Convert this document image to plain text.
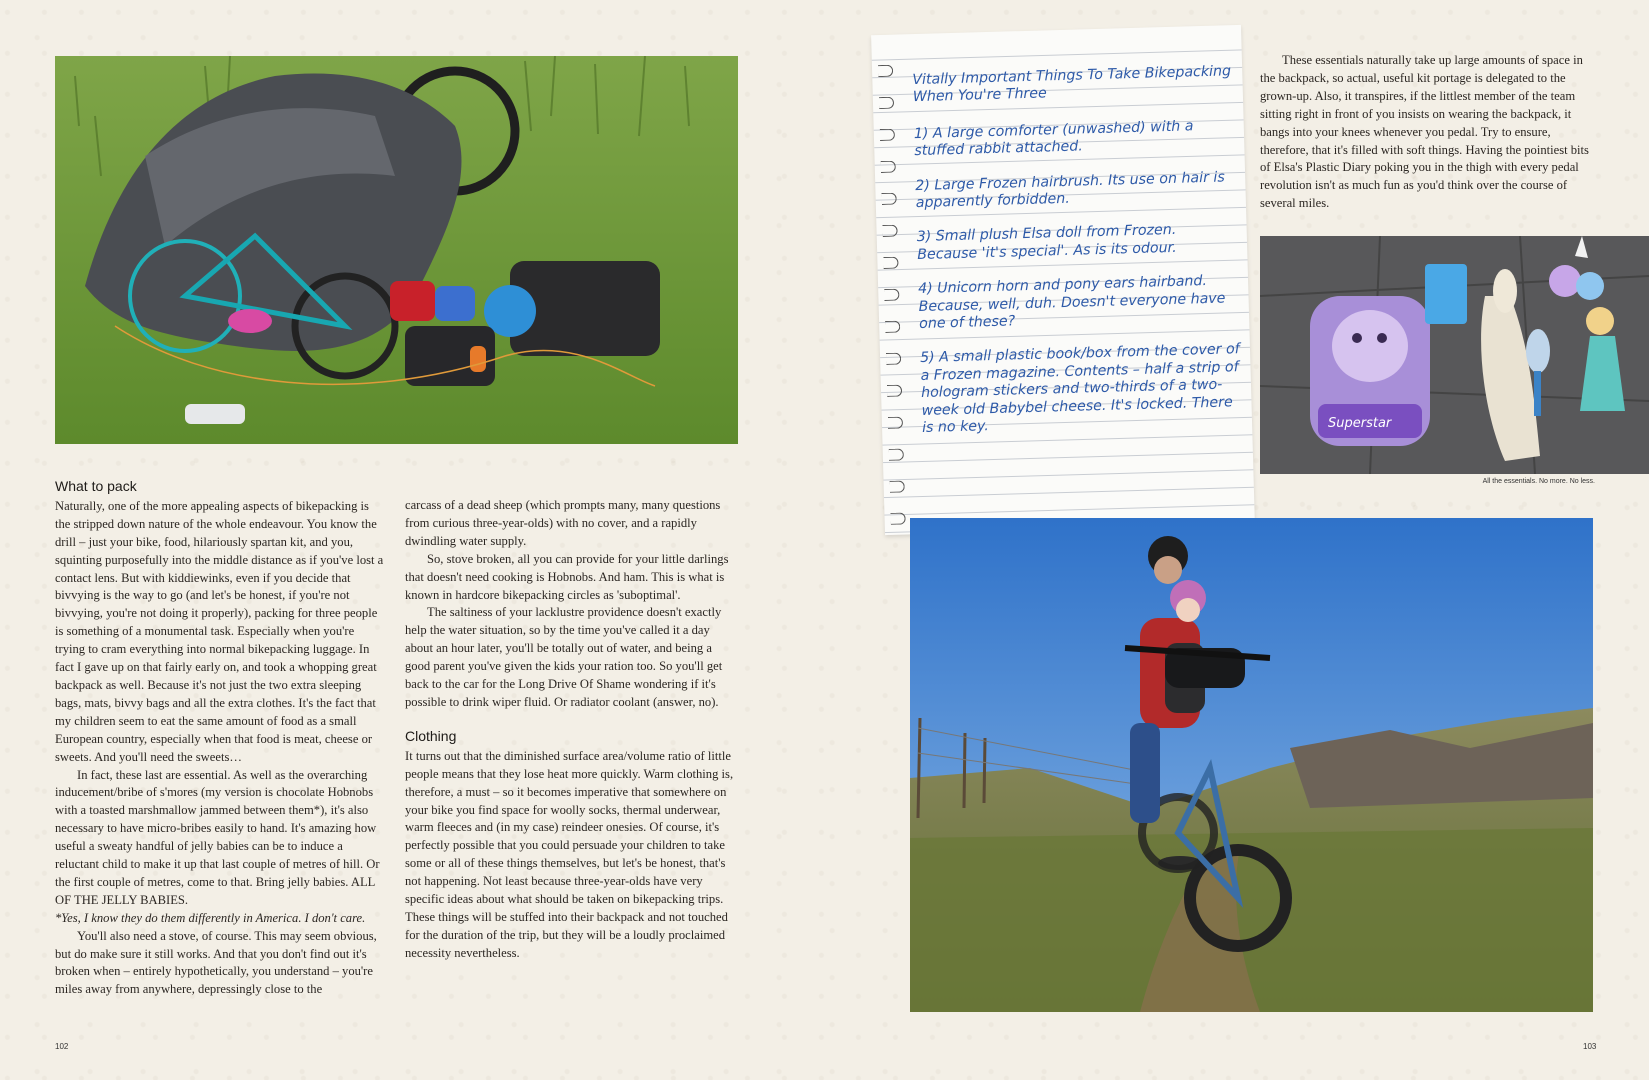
What to pack

Naturally, one of the more appealing aspects of bikepacking is the stripped down nature of the whole endeavour. You know the drill – just your bike, food, hilariously spartan kit, and you, squinting purposefully into the middle distance as if you've lost a contact lens. But with kiddiewinks, even if you decide that bivvying is the way to go (and let's be honest, if you're not bivvying, you're not doing it properly), packing for three people is something of a monumental task. Especially when you're trying to cram everything into normal bikepacking luggage. In fact I gave up on that fairly early on, and took a whopping great backpack as well. Because it's not just the two extra sleeping bags, mats, bivvy bags and all the extra clothes. It's the fact that my children seem to eat the same amount of food as a small European country, especially when that food is meat, cheese or sweets. And you'll need the sweets…

In fact, these last are essential. As well as the overarching inducement/bribe of s'mores (my version is chocolate Hobnobs with a toasted marshmallow jammed between them*), it's also necessary to have micro-bribes easily to hand. It's amazing how useful a sweaty handful of jelly babies can be to induce a reluctant child to make it up that last couple of metres of hill. Or the first couple of metres, come to that. Bring jelly babies. ALL OF THE JELLY BABIES.

*Yes, I know they do them differently in America. I don't care.

You'll also need a stove, of course. This may seem obvious, but do make sure it still works. And that you don't find out it's broken when – entirely hypothetically, you understand – you're miles away from anywhere, depressingly close to the

carcass of a dead sheep (which prompts many, many questions from curious three-year-olds) with no cover, and a rapidly dwindling water supply.

So, stove broken, all you can provide for your little darlings that doesn't need cooking is Hobnobs. And ham. This is what is known in hardcore bikepacking circles as 'suboptimal'.

The saltiness of your lacklustre providence doesn't exactly help the water situation, so by the time you've called it a day about an hour later, you'll be totally out of water, and being a good parent you've given the kids your ration too. So you'll get back to the car for the Long Drive Of Shame wondering if it's possible to drink wiper fluid. Or radiator coolant (answer, no).

Clothing

It turns out that the diminished surface area/volume ratio of little people means that they lose heat more quickly. Warm clothing is, therefore, a must – so it becomes imperative that somewhere on your bike you find space for woolly socks, thermal underwear, warm fleeces and (in my case) reindeer onesies. Of course, it's perfectly possible that you could persuade your children to take some or all of these things themselves, but let's be honest, that's not happening. Not least because three-year-olds have very specific ideas about what should be taken on bikepacking trips. These things will be stuffed into their backpack and not touched for the duration of the trip, but they will be a loudly proclaimed necessity nevertheless.

102
Vitally Important Things To Take Bikepacking When You're Three
1) A large comforter (unwashed) with a stuffed rabbit attached.
2) Large Frozen hairbrush. Its use on hair is apparently forbidden.
3) Small plush Elsa doll from Frozen. Because 'it's special'. As is its odour.
4) Unicorn horn and pony ears hairband. Because, well, duh. Doesn't everyone have one of these?
5) A small plastic book/box from the cover of a Frozen magazine. Contents – half a strip of hologram stickers and two-thirds of a two-week old Babybel cheese. It's locked. There is no key.

These essentials naturally take up large amounts of space in the backpack, so actual, useful kit portage is delegated to the grown-up. Also, it transpires, if the littlest member of the team sitting right in front of you insists on wearing the backpack, it bangs into your knees whenever you pedal. Try to ensure, therefore, that it's filled with soft things. Having the pointiest bits of Elsa's Plastic Diary poking you in the thigh with every pedal revolution isn't as much fun as you'd think over the course of several miles.

Superstar
All the essentials. No more. No less.
103
